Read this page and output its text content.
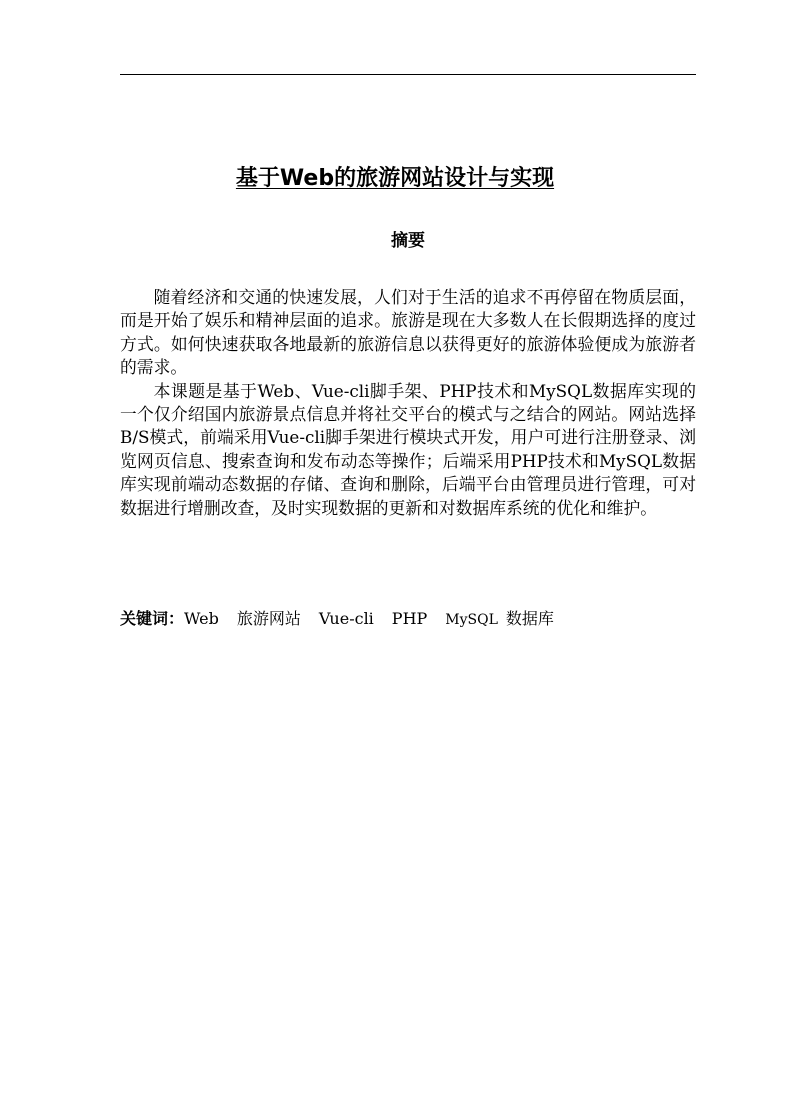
基于Web的旅游网站设计与实现
摘要

随着经济和交通的快速发展，人们对于生活的追求不再停留在物质层面，而是开始了娱乐和精神层面的追求。旅游是现在大多数人在长假期选择的度过方式。如何快速获取各地最新的旅游信息以获得更好的旅游体验便成为旅游者的需求。

本课题是基于Web、Vue-cli脚手架、PHP技术和MySQL数据库实现的一个仅介绍国内旅游景点信息并将社交平台的模式与之结合的网站。网站选择B/S模式，前端采用Vue-cli脚手架进行模块式开发，用户可进行注册登录、浏览网页信息、搜索查询和发布动态等操作；后端采用PHP技术和MySQL数据库实现前端动态数据的存储、查询和删除，后端平台由管理员进行管理，可对数据进行增删改查，及时实现数据的更新和对数据库系统的优化和维护。

关键词：Web 旅游网站 Vue-cli PHP MySQL 数据库
